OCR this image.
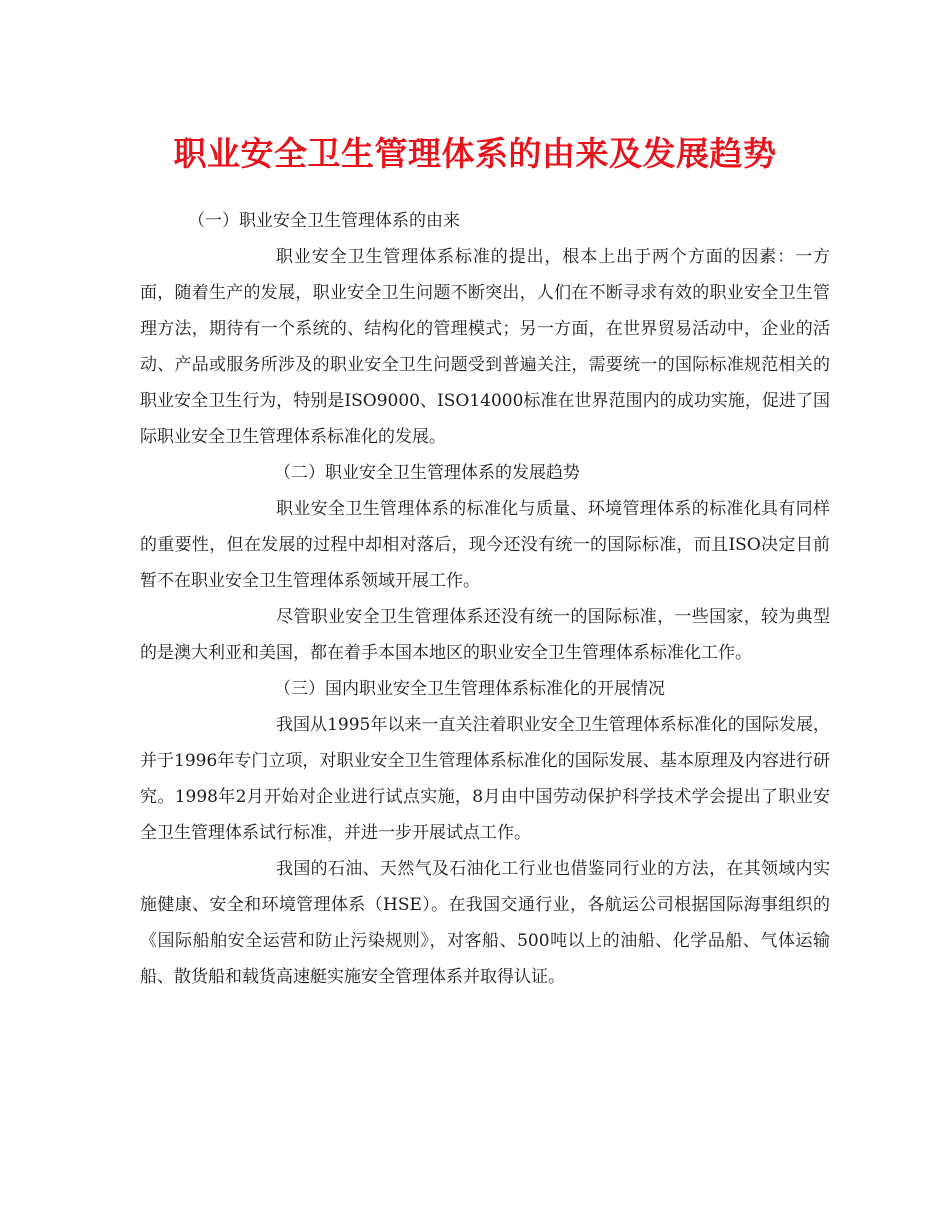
职业安全卫生管理体系的由来及发展趋势

（一）职业安全卫生管理体系的由来

职业安全卫生管理体系标准的提出，根本上出于两个方面的因素：一方面，随着生产的发展，职业安全卫生问题不断突出，人们在不断寻求有效的职业安全卫生管理方法，期待有一个系统的、结构化的管理模式；另一方面，在世界贸易活动中，企业的活动、产品或服务所涉及的职业安全卫生问题受到普遍关注，需要统一的国际标准规范相关的职业安全卫生行为，特别是ISO9000、ISO14000标准在世界范围内的成功实施，促进了国际职业安全卫生管理体系标准化的发展。

（二）职业安全卫生管理体系的发展趋势

职业安全卫生管理体系的标准化与质量、环境管理体系的标准化具有同样的重要性，但在发展的过程中却相对落后，现今还没有统一的国际标准，而且ISO决定目前暂不在职业安全卫生管理体系领域开展工作。

尽管职业安全卫生管理体系还没有统一的国际标准，一些国家，较为典型的是澳大利亚和美国，都在着手本国本地区的职业安全卫生管理体系标准化工作。

（三）国内职业安全卫生管理体系标准化的开展情况

我国从1995年以来一直关注着职业安全卫生管理体系标准化的国际发展，并于1996年专门立项，对职业安全卫生管理体系标准化的国际发展、基本原理及内容进行研究。1998年2月开始对企业进行试点实施，8月由中国劳动保护科学技术学会提出了职业安全卫生管理体系试行标准，并进一步开展试点工作。

我国的石油、天然气及石油化工行业也借鉴同行业的方法，在其领域内实施健康、安全和环境管理体系（HSE）。在我国交通行业，各航运公司根据国际海事组织的《国际船舶安全运营和防止污染规则》，对客船、500吨以上的油船、化学品船、气体运输船、散货船和载货高速艇实施安全管理体系并取得认证。
